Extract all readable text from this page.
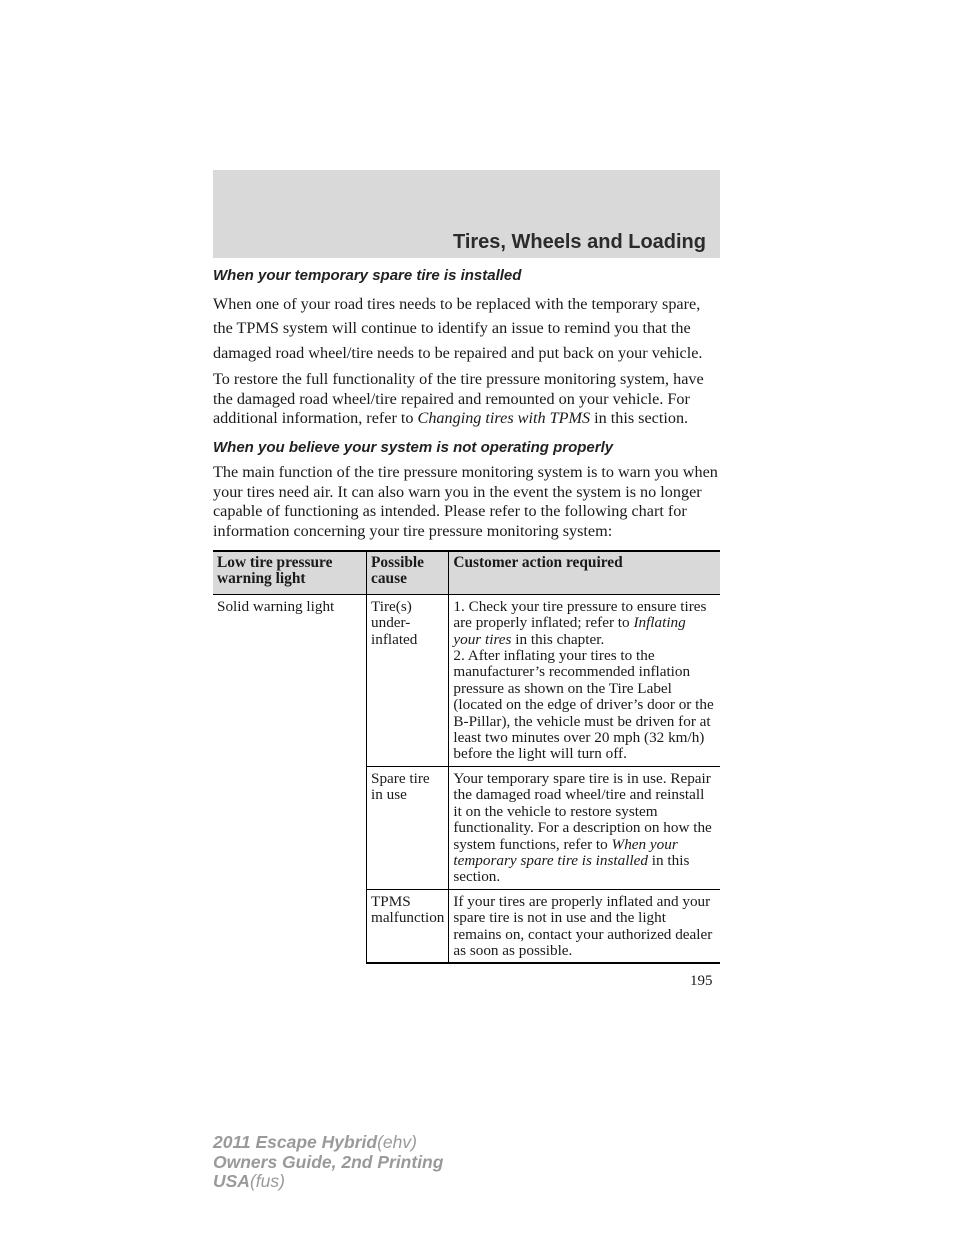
Tires, Wheels and Loading
When your temporary spare tire is installed

When one of your road tires needs to be replaced with the temporary spare, the TPMS system will continue to identify an issue to remind you that the damaged road wheel/tire needs to be repaired and put back on your vehicle.

To restore the full functionality of the tire pressure monitoring system, have the damaged road wheel/tire repaired and remounted on your vehicle. For additional information, refer to Changing tires with TPMS in this section.

When you believe your system is not operating properly

The main function of the tire pressure monitoring system is to warn you when your tires need air. It can also warn you in the event the system is no longer capable of functioning as intended. Please refer to the following chart for information concerning your tire pressure monitoring system:

Low tire pressure warning light	Possible cause	Customer action required
Solid warning light	Tire(s) under-inflated	1. Check your tire pressure to ensure tires are properly inflated; refer to Inflating your tires in this chapter.
2. After inflating your tires to the manufacturer’s recommended inflation pressure as shown on the Tire Label (located on the edge of driver’s door or the B-Pillar), the vehicle must be driven for at least two minutes over 20 mph (32 km/h) before the light will turn off.
	Spare tire in use	Your temporary spare tire is in use. Repair the damaged road wheel/tire and reinstall it on the vehicle to restore system functionality. For a description on how the system functions, refer to When your temporary spare tire is installed in this section.
	TPMS malfunction	If your tires are properly inflated and your spare tire is not in use and the light remains on, contact your authorized dealer as soon as possible.
195
2011 Escape Hybrid(ehv)
Owners Guide, 2nd Printing
USA(fus)
